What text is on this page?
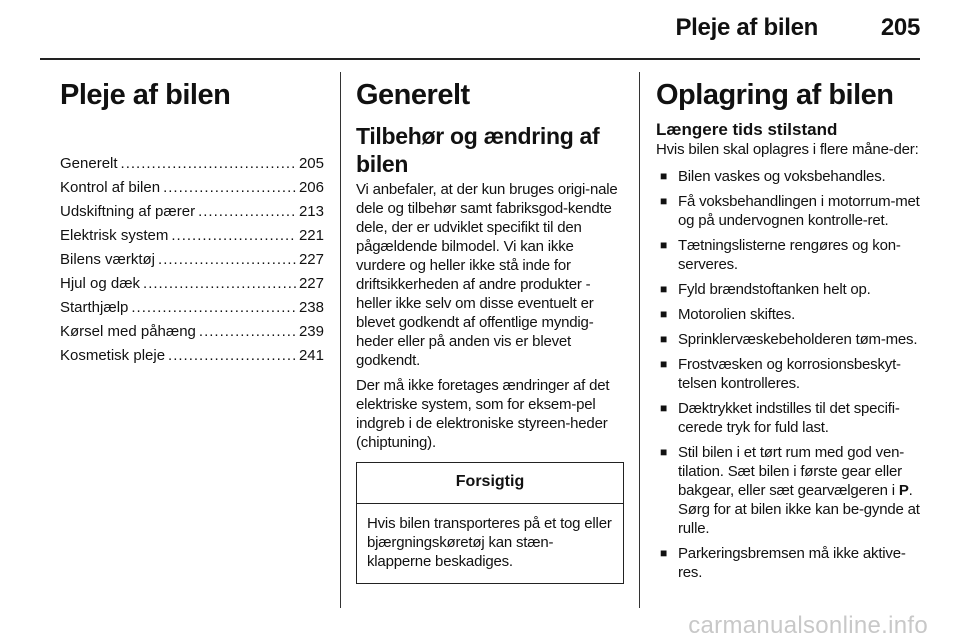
Pleje af bilen	205
Pleje af bilen
Generelt .....	205
Kontrol af bilen .....	206
Udskiftning af pærer .....	213
Elektrisk system .....	221
Bilens værktøj .....	227
Hjul og dæk .....	227
Starthjælp .....	238
Kørsel med påhæng .....	239
Kosmetisk pleje .....	241
Generelt
Tilbehør og ændring af bilen

Vi anbefaler, at der kun bruges origi-nale dele og tilbehør samt fabriksgod-kendte dele, der er udviklet specifikt til den pågældende bilmodel. Vi kan ikke vurdere og heller ikke stå inde for driftsikkerheden af andre produkter - heller ikke selv om disse eventuelt er blevet godkendt af offentlige myndig-heder eller på anden vis er blevet godkendt.

Der må ikke foretages ændringer af det elektriske system, som for eksem-pel indgreb i de elektroniske styreen-heder (chiptuning).

Forsigtig
Hvis bilen transporteres på et tog eller bjærgningskøretøj kan stæn-klapperne beskadiges.
Oplagring af bilen
Længere tids stilstand

Hvis bilen skal oplagres i flere måne-der:

■ Bilen vaskes og voksbehandles.
■ Få voksbehandlingen i motorrum-met og på undervognen kontrolle-ret.
■ Tætningslisterne rengøres og kon-serveres.
■ Fyld brændstoftanken helt op.
■ Motorolien skiftes.
■ Sprinklervæskebeholderen tøm-mes.
■ Frostvæsken og korrosionsbeskyt-telsen kontrolleres.
■ Dæktrykket indstilles til det specifi-cerede tryk for fuld last.
■ Stil bilen i et tørt rum med god ven-tilation. Sæt bilen i første gear eller bakgear, eller sæt gearvælgeren i P. Sørg for at bilen ikke kan be-gynde at rulle.
■ Parkeringsbremsen må ikke aktive-res.
carmanualsonline.info
